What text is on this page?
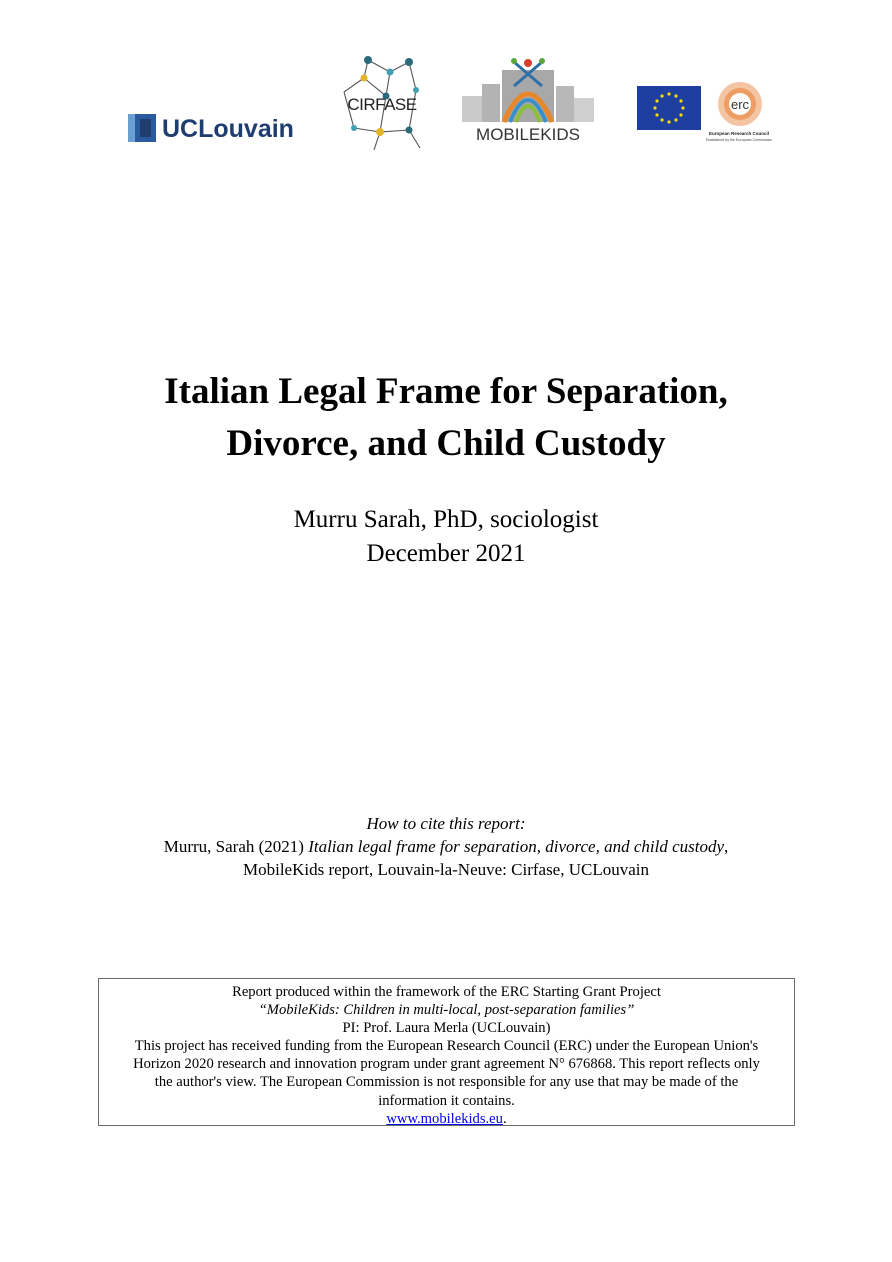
UCLouvain
CIRFASE
MOBILEKIDS
erc
European Research Council
Established by the European Commission
Italian Legal Frame for Separation,
Divorce, and Child Custody
Murru Sarah, PhD, sociologist
December 2021
How to cite this report:
Murru, Sarah (2021) Italian legal frame for separation, divorce, and child custody,
MobileKids report, Louvain-la-Neuve: Cirfase, UCLouvain
Report produced within the framework of the ERC Starting Grant Project
“MobileKids: Children in multi-local, post-separation families”
PI: Prof. Laura Merla (UCLouvain)
This project has received funding from the European Research Council (ERC) under the European Union's
Horizon 2020 research and innovation program under grant agreement N° 676868. This report reflects only
the author's view. The European Commission is not responsible for any use that may be made of the
information it contains.
www.mobilekids.eu.
